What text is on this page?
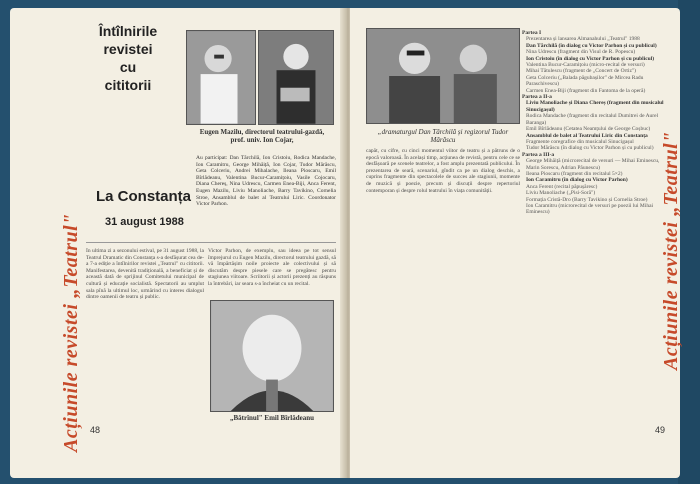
Întîlnirile
revistei
cu
cititorii
La Constanța
31 august 1988
Eugen Mazilu, directorul teatrului-gazdă, prof. univ. Ion Cojar,
Au participat: Dan Tărchilă, Ion Cristoiu, Rodica Mandache, Ion Caramitru, George Mihăiță, Ion Cojar, Tudor Mărăscu, Geta Colceriu, Andrei Mihalache, Ileana Pioscaru, Emil Bîrlădeanu, Valentina Bucur-Caramițoiu, Vasile Cojocaru, Diana Chereș, Nina Udrescu, Carmen Enea-Biji, Anca Ferent, Eugen Mazilu, Liviu Manoliache, Barry Tavikino, Cornelia Stroe, Ansamblul de balet al Teatrului Liric. Coordonator Victor Parhon.
În ultima zi a sezonului estival, pe 31 august 1988, la Teatrul Dramatic din Constanța s-a desfășurat cea de-a 7-a ediție a întîlnirilor revistei „Teatrul" cu cititorii. Manifestarea, devenită tradițională, a beneficiat și de această dată de sprijinul Comitetului municipal de cultură și educație socialistă. Spectatorii au umplut sala pînă la ultimul loc, urmărind cu interes dialogul dintre oamenii de teatru și public.
Victor Parhon, de exemplu, sau ideea pe tot sensul împrejurul cu Eugen Mazilu, directorul teatrului gazdă, să vă împărtășim noile proiecte ale colectivului și să discutăm despre piesele care se pregătesc pentru stagiunea viitoare. Scriitorii și actorii prezenți au răspuns la întrebări, iar seara s-a încheiat cu un recital.
„Bătrînul" Emil Bîrlădeanu
Acțiunile revistei „Teatrul" 48
„dramaturgul Dan Tărchilă și regizorul Tudor Mărăscu
capăt, cu cifre, cu cinci momentul viitor de teatru și a pătruns de o epocă valoroasă. În același timp, acțiunea de revistă, pentru cele ce se desfășoară pe scenele teatrelor, a fost amplu prezentată publicului. În prezentarea de seară, scenariul, gîndit ca pe un dialog deschis, a cuprins fragmente din spectacolele de succes ale stagiunii, momente de muzică și poezie, precum și discuții despre repertoriul contemporan și despre rolul teatrului în viața comunității.
Partea I
Prezentarea și lansarea Almanahului „Teatrul" 1988
Dan Tărchilă (în dialog cu Victor Parhon și cu publicul)
Nina Udrescu (fragment din Visul de R. Popescu)
Ion Cristoiu (în dialog cu Victor Parhon și cu publicul)
Valentina Bucur-Caramițoiu (micro-recital de versuri)
Mihai Tătulescu (fragment de „Concert de Ortiz")
Geta Colceriu („Balada păgubașilor" de Mircea Radu Paraschivescu)
Carmen Enea-Biji (fragment din Fantoma de la operă)
Partea a II-a
Liviu Manoliache și Diana Chereș (fragment din musicalul Sinucigașul)
Rodica Mandache (fragment din recitalul Dumitrei de Aurel Baranga)
Emil Bîrlădeanu (Cetatea Neamțului de George Coșbuc)
Ansamblul de balet al Teatrului Liric din Constanța
Fragmente coregrafice din musicalul Sinucigașul
Tudor Mărăscu (în dialog cu Victor Parhon și cu publicul)
Partea a III-a
George Mihăiță (microrecital de versuri — Mihai Eminescu, Marin Sorescu, Adrian Păunescu)
Ileana Pioscaru (fragment din recitalul 5×2)
Ion Caramitru (în dialog cu Victor Parhon)
Anca Ferent (recital păpușăresc)
Liviu Manoliache („Pisi-Soră")
Formația Cristă-Dro (Barry Tavikino și Cornelia Stroe)
Ion Caramitru (microrecital de versuri pe poezii lui Mihai Eminescu)	Acțiunile revistei „Teatrul"
49
